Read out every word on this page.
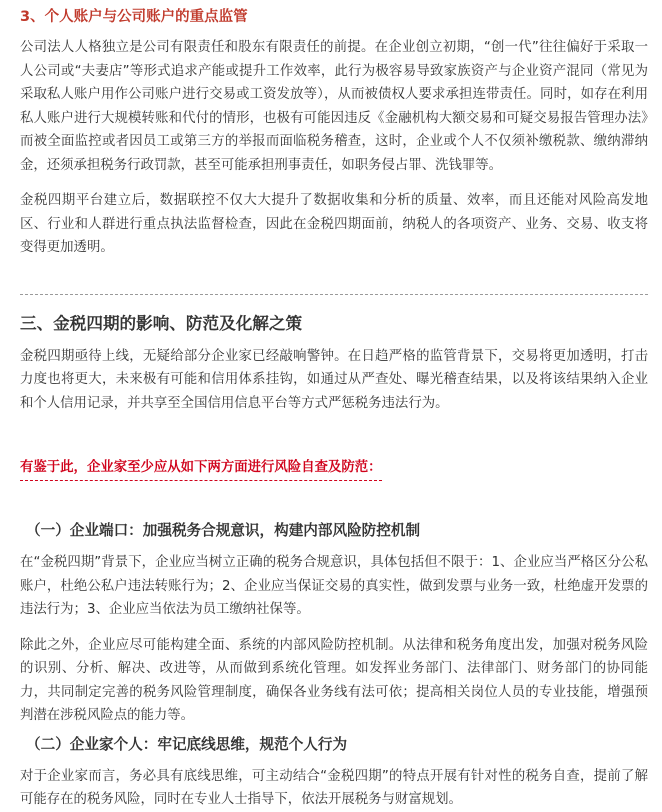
3、个人账户与公司账户的重点监管

公司法人人格独立是公司有限责任和股东有限责任的前提。在企业创立初期，“创一代”往往偏好于采取一人公司或“夫妻店”等形式追求产能或提升工作效率，此行为极容易导致家族资产与企业资产混同（常见为采取私人账户用作公司账户进行交易或工资发放等），从而被债权人要求承担连带责任。同时，如存在利用私人账户进行大规模转账和代付的情形，也极有可能因违反《金融机构大额交易和可疑交易报告管理办法》而被全面监控或者因员工或第三方的举报而面临税务稽查，这时，企业或个人不仅须补缴税款、缴纳滞纳金，还须承担税务行政罚款，甚至可能承担刑事责任，如职务侵占罪、洗钱罪等。

金税四期平台建立后，数据联控不仅大大提升了数据收集和分析的质量、效率，而且还能对风险高发地区、行业和人群进行重点执法监督检查，因此在金税四期面前，纳税人的各项资产、业务、交易、收支将变得更加透明。

三、金税四期的影响、防范及化解之策

金税四期亟待上线，无疑给部分企业家已经敲响警钟。在日趋严格的监管背景下，交易将更加透明，打击力度也将更大，未来极有可能和信用体系挂钩，如通过从严查处、曝光稽查结果，以及将该结果纳入企业和个人信用记录，并共享至全国信用信息平台等方式严惩税务违法行为。

有鉴于此，企业家至少应从如下两方面进行风险自查及防范：
（一）企业端口：加强税务合规意识，构建内部风险防控机制

在“金税四期”背景下，企业应当树立正确的税务合规意识，具体包括但不限于：1、企业应当严格区分公私账户，杜绝公私户违法转账行为；2、企业应当保证交易的真实性，做到发票与业务一致，杜绝虚开发票的违法行为；3、企业应当依法为员工缴纳社保等。

除此之外，企业应尽可能构建全面、系统的内部风险防控机制。从法律和税务角度出发，加强对税务风险的识别、分析、解决、改进等，从而做到系统化管理。如发挥业务部门、法律部门、财务部门的协同能力，共同制定完善的税务风险管理制度，确保各业务线有法可依；提高相关岗位人员的专业技能，增强预判潜在涉税风险点的能力等。

（二）企业家个人：牢记底线思维，规范个人行为

对于企业家而言，务必具有底线思维，可主动结合“金税四期”的特点开展有针对性的税务自查，提前了解可能存在的税务风险，同时在专业人士指导下，依法开展税务与财富规划。
